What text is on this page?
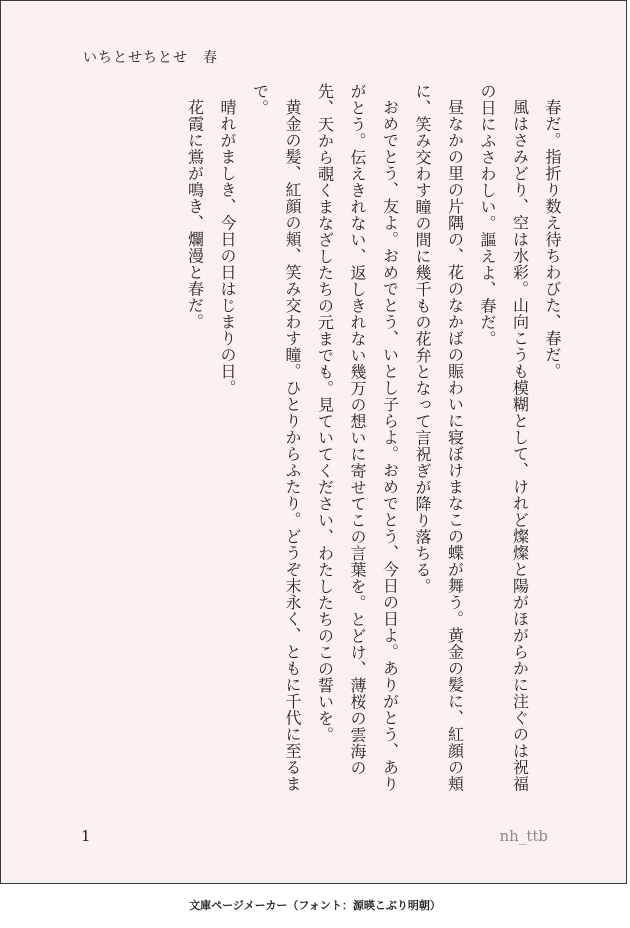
いちとせちとせ　春

春だ。指折り数え待ちわびた、春だ。

風はさみどり、空は水彩。山向こうも模糊として、けれど燦燦と陽がほがらかに注ぐのは祝福の日にふさわしい。謳えよ、春だ。

昼なかの里の片隅の、花のなかばの賑わいに寝ぼけまなこの蝶が舞う。黄金の髪に、紅顔の頬に、笑み交わす瞳の間に幾千もの花弁となって言祝ぎが降り落ちる。

おめでとう、友よ。おめでとう、いとし子らよ。おめでとう、今日の日よ。ありがとう、ありがとう。伝えきれない、返しきれない幾万の想いに寄せてこの言葉を。とどけ、薄桜の雲海の先、天から覗くまなざしたちの元までも。見ていてください、わたしたちのこの誓いを。

黄金の髪、紅顔の頬、笑み交わす瞳。ひとりからふたり。どうぞ末永く、ともに千代に至るまで。

晴れがましき、今日の日はじまりの日。

花霞に鴬が鳴き、爛漫と春だ。

1	nh_ttb
文庫ページメーカー（フォント：源暎こぶり明朝）
